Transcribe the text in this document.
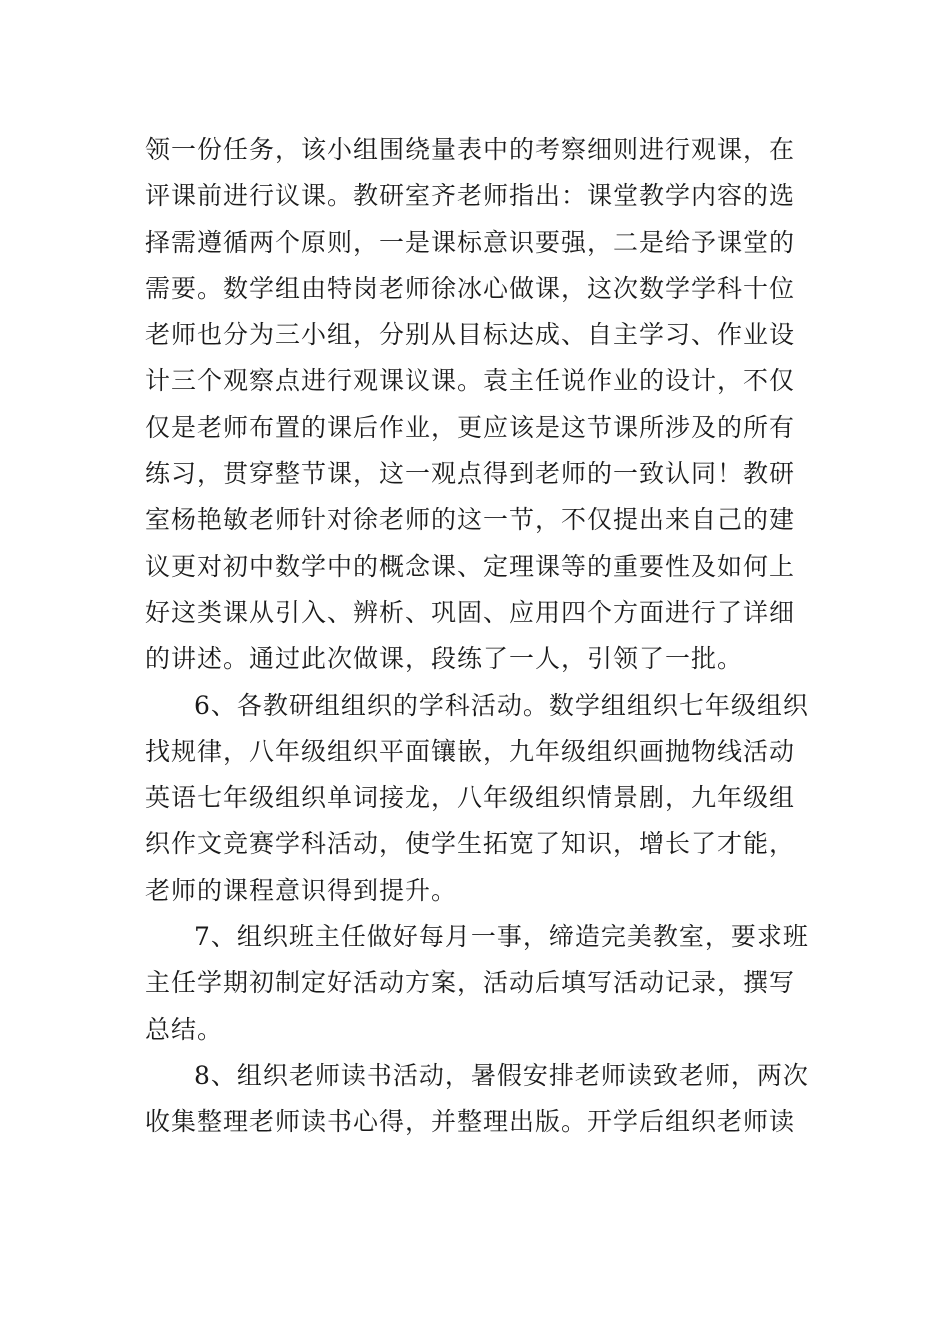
领一份任务，该小组围绕量表中的考察细则进行观课，在
评课前进行议课。教研室齐老师指出：课堂教学内容的选
择需遵循两个原则，一是课标意识要强，二是给予课堂的
需要。数学组由特岗老师徐冰心做课，这次数学学科十位
老师也分为三小组，分别从目标达成、自主学习、作业设
计三个观察点进行观课议课。袁主任说作业的设计，不仅
仅是老师布置的课后作业，更应该是这节课所涉及的所有
练习，贯穿整节课，这一观点得到老师的一致认同！教研
室杨艳敏老师针对徐老师的这一节，不仅提出来自己的建
议更对初中数学中的概念课、定理课等的重要性及如何上
好这类课从引入、辨析、巩固、应用四个方面进行了详细
的讲述。通过此次做课，段练了一人，引领了一批。
6、各教研组组织的学科活动。数学组组织七年级组织
找规律，八年级组织平面镶嵌，九年级组织画抛物线活动
英语七年级组织单词接龙，八年级组织情景剧，九年级组
织作文竞赛学科活动，使学生拓宽了知识，增长了才能，
老师的课程意识得到提升。
7、组织班主任做好每月一事，缔造完美教室，要求班
主任学期初制定好活动方案，活动后填写活动记录，撰写
总结。
8、组织老师读书活动，暑假安排老师读致老师，两次
收集整理老师读书心得，并整理出版。开学后组织老师读
